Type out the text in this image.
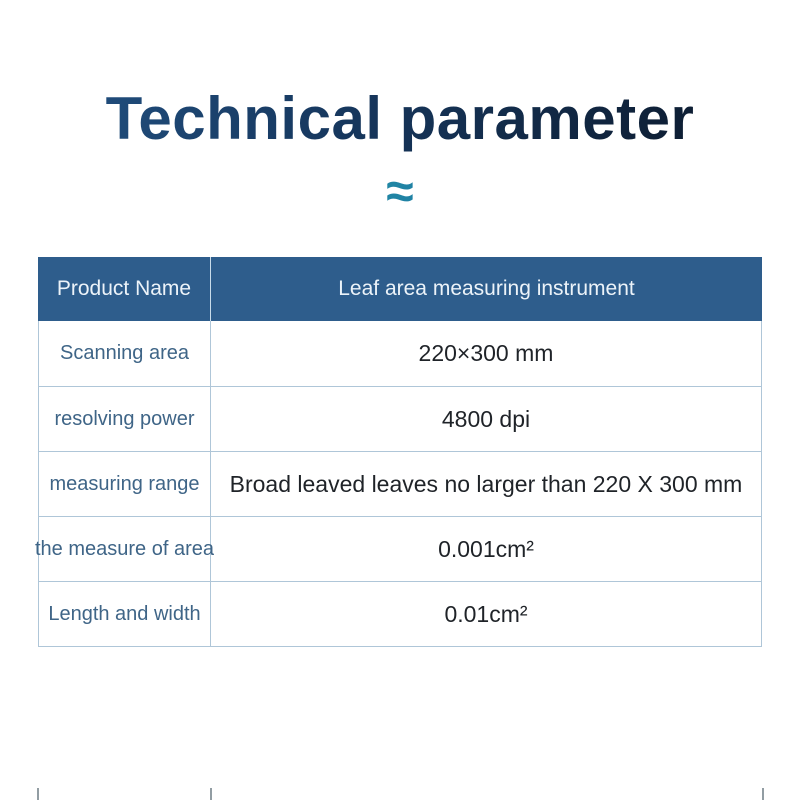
Technical parameter
≈
Product Name	Leaf area measuring instrument
Scanning area	220×300 mm
resolving power	4800 dpi
measuring range	Broad leaved leaves no larger than 220 X 300 mm
the measure of area	0.001cm²
Length and width	0.01cm²
